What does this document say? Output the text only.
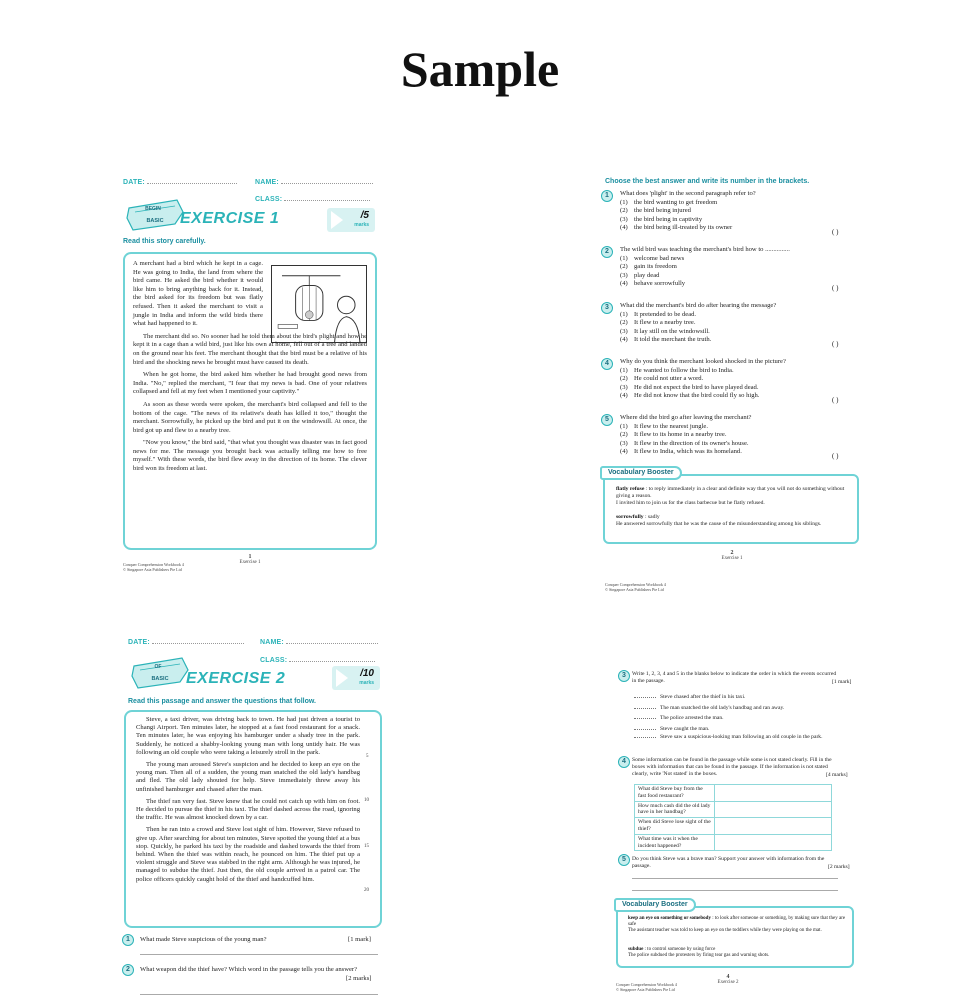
Sample
DATE:	NAME:
CLASS:
BEGIN
BASIC EXERCISE 1	/5
marks
Read this story carefully.

A merchant had a bird which he kept in a cage. He was going to India, the land from where the bird came. He asked the bird whether it would like him to bring anything back for it. Instead, the bird asked for its freedom but was flatly refused. Then it asked the merchant to visit a jungle in India and inform the wild birds there what had happened to it.

The merchant did so. No sooner had he told them about the bird's plight and how he kept it in a cage than a wild bird, just like his own at home, fell out of a tree and landed on the ground near his feet. The merchant thought that the bird must be a relative of his bird and the shocking news he brought must have caused its death.

When he got home, the bird asked him whether he had brought good news from India. "No," replied the merchant, "I fear that my news is bad. One of your relatives collapsed and fell at my feet when I mentioned your captivity."

As soon as these words were spoken, the merchant's bird collapsed and fell to the bottom of the cage. "The news of its relative's death has killed it too," thought the merchant. Sorrowfully, he picked up the bird and put it on the windowsill. At once, the bird got up and flew to a nearby tree.

"Now you know," the bird said, "that what you thought was disaster was in fact good news for me. The message you brought back was actually telling me how to free myself." With these words, the bird flew away in the direction of its home. The clever bird won its freedom at last.

Conquer Comprehension Workbook 4
© Singapore Asia Publishers Pte Ltd
1
Exercise 1
Choose the best answer and write its number in the brackets.
1	What does 'plight' in the second paragraph refer to?
(1) the bird wanting to get freedom
(2) the bird being injured
(3) the bird being in captivity
(4) the bird being ill-treated by its owner
( )
2	The wild bird was teaching the merchant's bird how to ...............
(1) welcome bad news
(2) gain its freedom
(3) play dead
(4) behave sorrowfully
( )
3	What did the merchant's bird do after hearing the message?
(1) It pretended to be dead.
(2) It flew to a nearby tree.
(3) It lay still on the windowsill.
(4) It told the merchant the truth.
( )
4	Why do you think the merchant looked shocked in the picture?
(1) He wanted to follow the bird to India.
(2) He could not utter a word.
(3) He did not expect the bird to have played dead.
(4) He did not know that the bird could fly so high.
( )
5	Where did the bird go after leaving the merchant?
(1) It flew to the nearest jungle.
(2) It flew to its home in a nearby tree.
(3) It flew in the direction of its owner's house.
(4) It flew to India, which was its homeland.
( )
Vocabulary Booster
flatly refuse : to reply immediately in a clear and definite way that you will not do something without giving a reason.
I invited him to join us for the class barbecue but he flatly refused.
sorrowfully : sadly
He answered sorrowfully that he was the cause of the misunderstanding among his siblings.
Conquer Comprehension Workbook 4
© Singapore Asia Publishers Pte Ltd
2
Exercise 1
DATE:	NAME:
CLASS:
OF
BASIC EXERCISE 2	/10
marks
Read this passage and answer the questions that follow.

Steve, a taxi driver, was driving back to town. He had just driven a tourist to Changi Airport. Ten minutes later, he stopped at a fast food restaurant for a snack. Ten minutes later, he was enjoying his hamburger under a shady tree in the park. Suddenly, he noticed a shabby-looking young man with long untidy hair. He was following an old couple who were taking a leisurely stroll in the park.

The young man aroused Steve's suspicion and he decided to keep an eye on the young man. Then all of a sudden, the young man snatched the old lady's handbag and fled. The old lady shouted for help. Steve immediately threw away his unfinished hamburger and chased after the man.

The thief ran very fast. Steve knew that he could not catch up with him on foot. He decided to pursue the thief in his taxi. The thief dashed across the road, ignoring the traffic. He was almost knocked down by a car.

Then he ran into a crowd and Steve lost sight of him. However, Steve refused to give up. After searching for about ten minutes, Steve spotted the young thief at a bus stop. Quickly, he parked his taxi by the roadside and dashed towards the thief from behind. When the thief was within reach, he pounced on him. The thief put up a violent struggle and Steve was stabbed in the right arm. Although he was injured, he managed to subdue the thief. Just then, the old couple arrived in a patrol car. The police officers quickly caught hold of the thief and handcuffed him.

5
10
15
20
1	What made Steve suspicious of the young man?	[1 mark]
2	What weapon did the thief have? Which word in the passage tells you the answer?
[2 marks]
3	Write 1, 2, 3, 4 and 5 in the blanks below to indicate the order in which the events occurred in the passage.	[1 mark]
Steve chased after the thief in his taxi.
The man snatched the old lady's handbag and ran away.
The police arrested the man.
Steve caught the man.
Steve saw a suspicious-looking man following an old couple in the park.
4	Some information can be found in the passage while some is not stated clearly. Fill in the boxes with information that can be found in the passage. If the information is not stated clearly, write 'Not stated' in the boxes.	[4 marks]
What did Steve buy from the fast food restaurant?	
How much cash did the old lady have in her handbag?	
When did Steve lose sight of the thief?	
What time was it when the incident happened?	
5	Do you think Steve was a brave man? Support your answer with information from the passage.	[2 marks]
Vocabulary Booster
keep an eye on something or somebody : to look after someone or something, by making sure that they are safe
The assistant teacher was told to keep an eye on the toddlers while they were playing on the mat.
subdue : to control someone by using force
The police subdued the protesters by firing tear gas and warning shots.
Conquer Comprehension Workbook 4
© Singapore Asia Publishers Pte Ltd
4
Exercise 2
